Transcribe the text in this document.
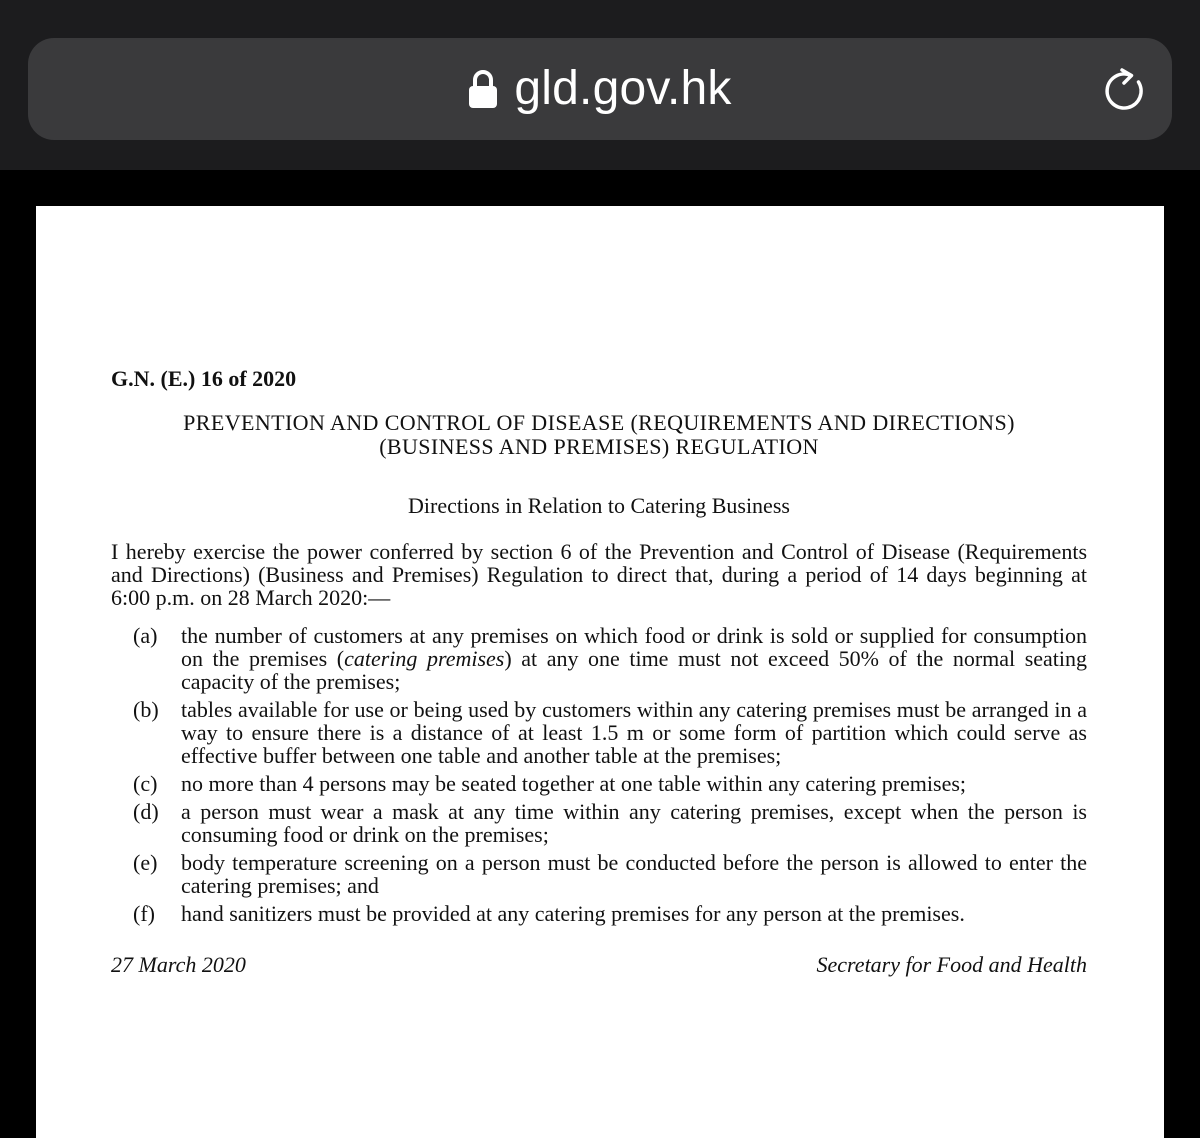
gld.gov.hk
G.N. (E.) 16 of 2020
PREVENTION AND CONTROL OF DISEASE (REQUIREMENTS AND DIRECTIONS)
(BUSINESS AND PREMISES) REGULATION
Directions in Relation to Catering Business
I hereby exercise the power conferred by section 6 of the Prevention and Control of Disease (Requirements and Directions) (Business and Premises) Regulation to direct that, during a period of 14 days beginning at 6:00 p.m. on 28 March 2020:—
(a) the number of customers at any premises on which food or drink is sold or supplied for consumption on the premises (catering premises) at any one time must not exceed 50% of the normal seating capacity of the premises;
(b) tables available for use or being used by customers within any catering premises must be arranged in a way to ensure there is a distance of at least 1.5 m or some form of partition which could serve as effective buffer between one table and another table at the premises;
(c) no more than 4 persons may be seated together at one table within any catering premises;
(d) a person must wear a mask at any time within any catering premises, except when the person is consuming food or drink on the premises;
(e) body temperature screening on a person must be conducted before the person is allowed to enter the catering premises; and
(f) hand sanitizers must be provided at any catering premises for any person at the premises.
27 March 2020	Secretary for Food and Health
